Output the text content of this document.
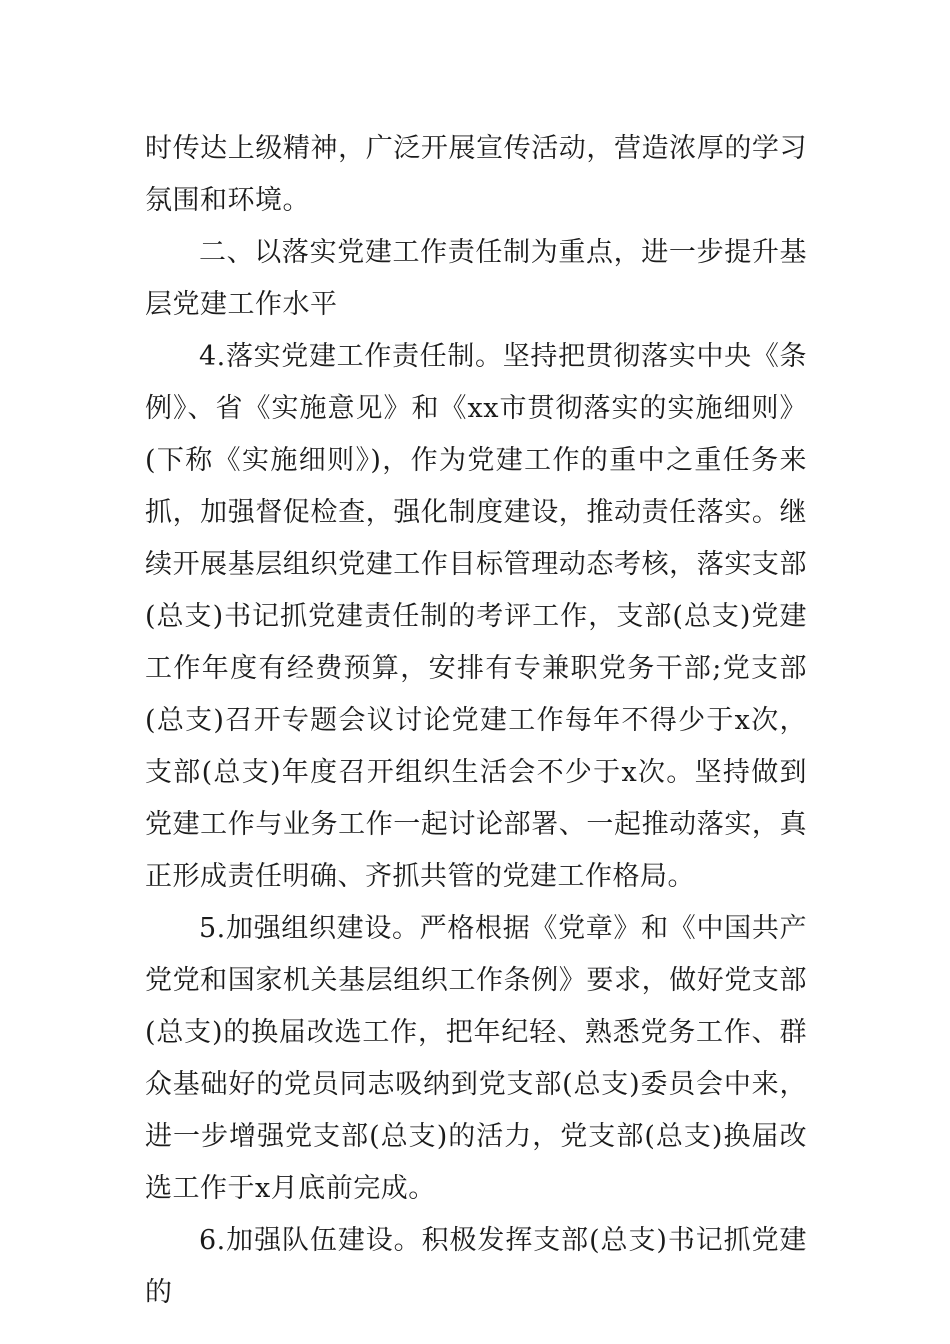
时传达上级精神，广泛开展宣传活动，营造浓厚的学习氛围和环境。

二、以落实党建工作责任制为重点，进一步提升基层党建工作水平

4.落实党建工作责任制。坚持把贯彻落实中央《条例》、省《实施意见》和《xx市贯彻落实的实施细则》(下称《实施细则》)，作为党建工作的重中之重任务来抓，加强督促检查，强化制度建设，推动责任落实。继续开展基层组织党建工作目标管理动态考核，落实支部(总支)书记抓党建责任制的考评工作，支部(总支)党建工作年度有经费预算，安排有专兼职党务干部;党支部(总支)召开专题会议讨论党建工作每年不得少于x次，支部(总支)年度召开组织生活会不少于x次。坚持做到党建工作与业务工作一起讨论部署、一起推动落实，真正形成责任明确、齐抓共管的党建工作格局。

5.加强组织建设。严格根据《党章》和《中国共产党党和国家机关基层组织工作条例》要求，做好党支部(总支)的换届改选工作，把年纪轻、熟悉党务工作、群众基础好的党员同志吸纳到党支部(总支)委员会中来，进一步增强党支部(总支)的活力，党支部(总支)换届改选工作于x月底前完成。

6.加强队伍建设。积极发挥支部(总支)书记抓党建的
